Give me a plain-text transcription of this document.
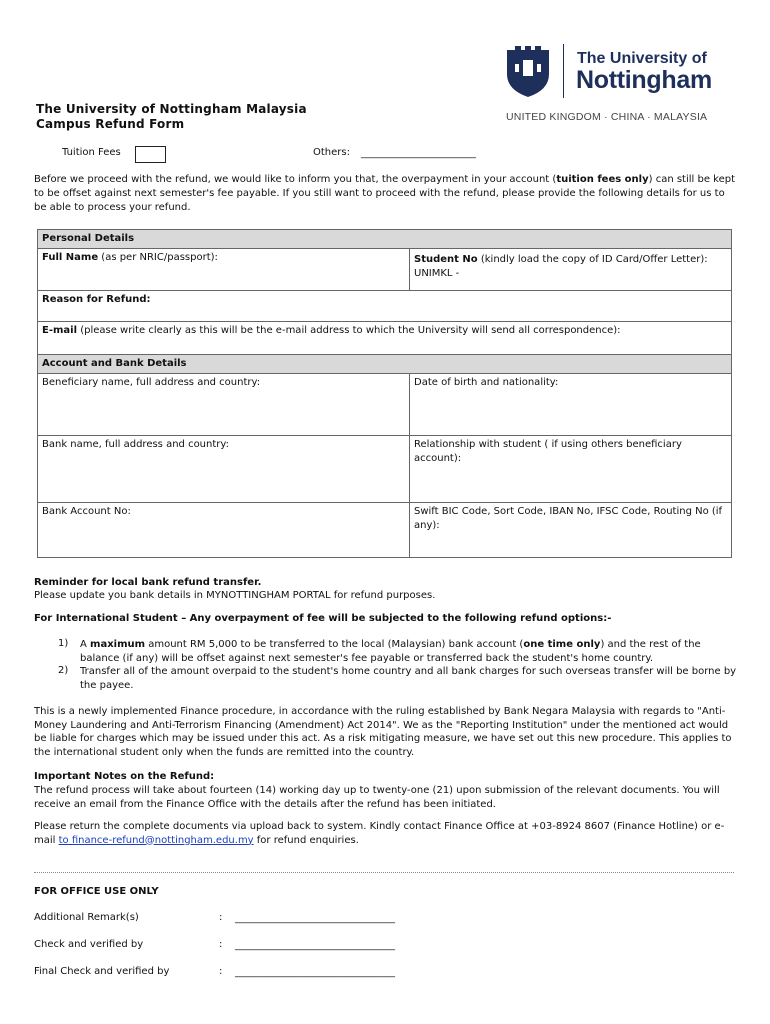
The University of
Nottingham
UNITED KINGDOM · CHINA · MALAYSIA
The University of Nottingham Malaysia
Campus Refund Form
Tuition Fees	Others: _______________________
Before we proceed with the refund, we would like to inform you that, the overpayment in your account (tuition fees only) can still be kept to be offset against next semester's fee payable. If you still want to proceed with the refund, please provide the following details for us to be able to process your refund.
Personal Details	
Full Name (as per NRIC/passport):	Student No (kindly load the copy of ID Card/Offer Letter): UNIMKL -
Reason for Refund:	
E-mail (please write clearly as this will be the e-mail address to which the University will send all correspondence):	
Account and Bank Details	
Beneficiary name, full address and country:	Date of birth and nationality:
Bank name, full address and country:	Relationship with student ( if using others beneficiary account):
Bank Account No:	Swift BIC Code, Sort Code, IBAN No, IFSC Code, Routing No (if any):
Reminder for local bank refund transfer.
Please update you bank details in MYNOTTINGHAM PORTAL for refund purposes.
For International Student – Any overpayment of fee will be subjected to the following refund options:-
1) A maximum amount RM 5,000 to be transferred to the local (Malaysian) bank account (one time only) and the rest of the balance (if any) will be offset against next semester's fee payable or transferred back the student's home country.
2) Transfer all of the amount overpaid to the student's home country and all bank charges for such overseas transfer will be borne by the payee.
This is a newly implemented Finance procedure, in accordance with the ruling established by Bank Negara Malaysia with regards to "Anti-Money Laundering and Anti-Terrorism Financing (Amendment) Act 2014". We as the "Reporting Institution" under the mentioned act would be liable for charges which may be issued under this act. As a risk mitigating measure, we have set out this new procedure. This applies to the international student only when the funds are remitted into the country.
Important Notes on the Refund:
The refund process will take about fourteen (14) working day up to twenty-one (21) upon submission of the relevant documents. You will receive an email from the Finance Office with the details after the refund has been initiated.
Please return the complete documents via upload back to system. Kindly contact Finance Office at +03-8924 8607 (Finance Hotline) or e-mail to finance-refund@nottingham.edu.my for refund enquiries.
FOR OFFICE USE ONLY
Additional Remark(s)	: ________________________________
Check and verified by	: ________________________________
Final Check and verified by	: ________________________________
